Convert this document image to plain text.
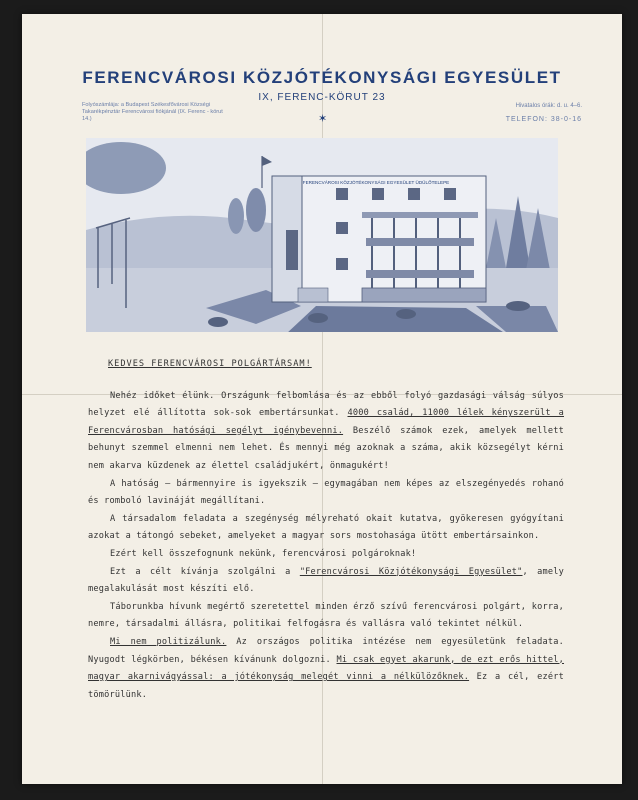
FERENCVÁROSI KÖZJÓTÉKONYSÁGI EGYESÜLET
IX, FERENC-KÖRUT 23
✶
Folyószámlája: a Budapest Székesfővárosi Községi Takarékpénztár Ferencvárosi fiókjánál (IX. Ferenc - körut 14.)
Hivatalos órák: d. u. 4–6.
TELEFON: 38-0-16
FERENCVÁROSI KÖZJÓTÉKONYSÁGI EGYESÜLET ÜDÜLŐTELEPE

KEDVES FERENCVÁROSI POLGÁRTÁRSAM!

Nehéz időket élünk. Országunk felbomlása és az ebből folyó gazdasági válság súlyos helyzet elé állította sok-sok embertársunkat. 4000 család, 11000 lélek kényszerült a Ferencvárosban hatósági segélyt igénybevenni. Beszélő számok ezek, amelyek mellett behunyt szemmel elmenni nem lehet. És mennyi még azoknak a száma, akik közsegélyt kérni nem akarva küzdenek az élettel családjukért, önmagukért!

A hatóság – bármennyire is igyekszik – egymagában nem képes az elszegényedés rohanó és romboló lavináját megállítani.

A társadalom feladata a szegénység mélyreható okait kutatva, gyökeresen gyógyítani azokat a tátongó sebeket, amelyeket a magyar sors mostohasága ütött embertársainkon.

Ezért kell összefognunk nekünk, ferencvárosi polgároknak!

Ezt a célt kívánja szolgálni a "Ferencvárosi Közjótékonysági Egyesület", amely megalakulását most készíti elő.

Táborunkba hívunk megértő szeretettel minden érző szívű ferencvárosi polgárt, korra, nemre, társadalmi állásra, politikai felfogásra és vallásra való tekintet nélkül.

Mi nem politizálunk. Az országos politika intézése nem egyesületünk feladata. Nyugodt légkörben, békésen kívánunk dolgozni. Mi csak egyet akarunk, de ezt erős hittel, magyar akarnivágyással: a jótékonyság melegét vinni a nélkülözőknek. Ez a cél, ezért tömörülünk.
